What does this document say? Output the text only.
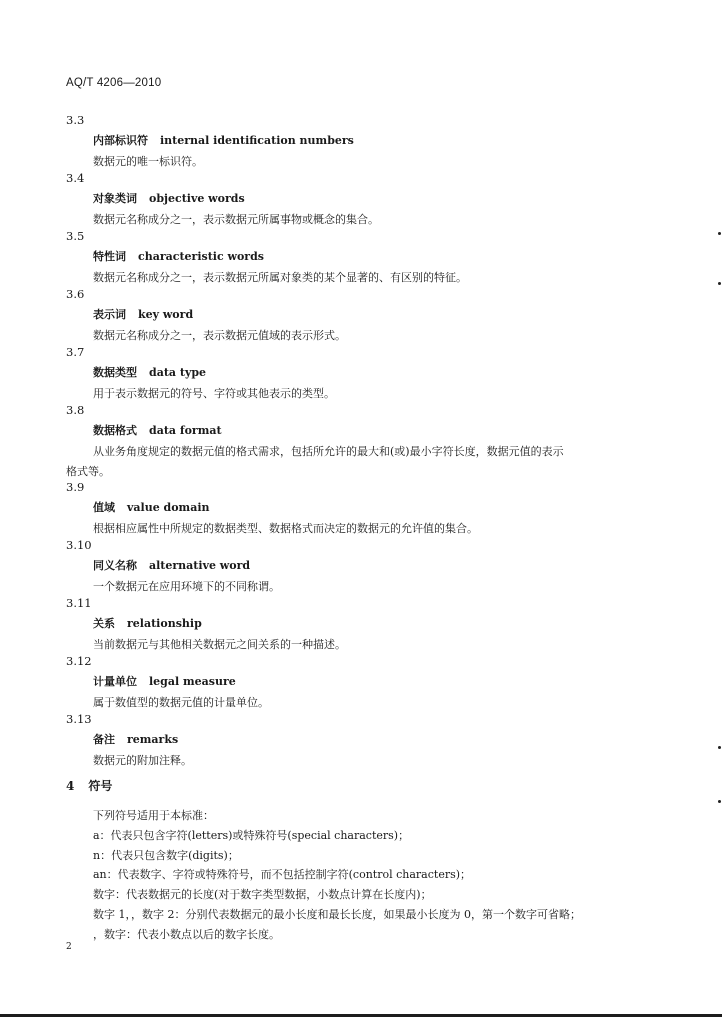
AQ/T 4206—2010
3.3
内部标识符 internal identification numbers
数据元的唯一标识符。
3.4
对象类词 objective words
数据元名称成分之一，表示数据元所属事物或概念的集合。
3.5
特性词 characteristic words
数据元名称成分之一，表示数据元所属对象类的某个显著的、有区别的特征。
3.6
表示词 key word
数据元名称成分之一，表示数据元值域的表示形式。
3.7
数据类型 data type
用于表示数据元的符号、字符或其他表示的类型。
3.8
数据格式 data format
从业务角度规定的数据元值的格式需求，包括所允许的最大和(或)最小字符长度，数据元值的表示
格式等。
3.9
值域 value domain
根据相应属性中所规定的数据类型、数据格式而决定的数据元的允许值的集合。
3.10
同义名称 alternative word
一个数据元在应用环境下的不同称谓。
3.11
关系 relationship
当前数据元与其他相关数据元之间关系的一种描述。
3.12
计量单位 legal measure
属于数值型的数据元值的计量单位。
3.13
备注 remarks
数据元的附加注释。
4 符号
下列符号适用于本标准：
a：代表只包含字符(letters)或特殊符号(special characters)；
n：代表只包含数字(digits)；
an：代表数字、字符或特殊符号，而不包括控制字符(control characters)；
数字：代表数据元的长度(对于数字类型数据，小数点计算在长度内)；
数字 1，，数字 2：分别代表数据元的最小长度和最长长度，如果最小长度为 0，第一个数字可省略；
，数字：代表小数点以后的数字长度。
2
